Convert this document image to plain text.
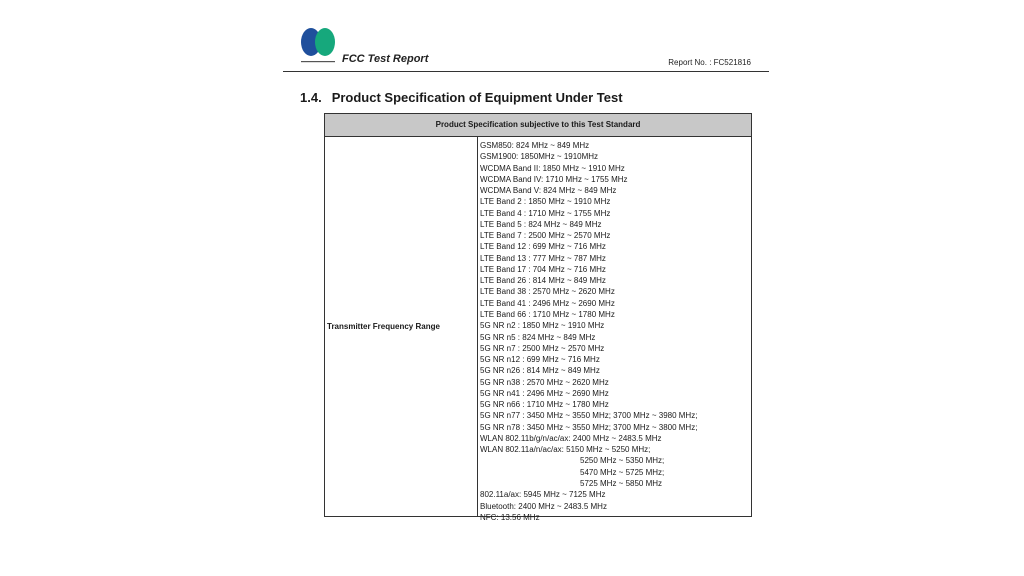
FCC Test Report	Report No. : FC521816
1.4. Product Specification of Equipment Under Test
Product Specification subjective to this Test Standard
Transmitter Frequency Range
GSM850: 824 MHz ~ 849 MHz
GSM1900: 1850MHz ~ 1910MHz
WCDMA Band II: 1850 MHz ~ 1910 MHz
WCDMA Band IV: 1710 MHz ~ 1755 MHz
WCDMA Band V: 824 MHz ~ 849 MHz
LTE Band 2 : 1850 MHz ~ 1910 MHz
LTE Band 4 : 1710 MHz ~ 1755 MHz
LTE Band 5 : 824 MHz ~ 849 MHz
LTE Band 7 : 2500 MHz ~ 2570 MHz
LTE Band 12 : 699 MHz ~ 716 MHz
LTE Band 13 : 777 MHz ~ 787 MHz
LTE Band 17 : 704 MHz ~ 716 MHz
LTE Band 26 : 814 MHz ~ 849 MHz
LTE Band 38 : 2570 MHz ~ 2620 MHz
LTE Band 41 : 2496 MHz ~ 2690 MHz
LTE Band 66 : 1710 MHz ~ 1780 MHz
5G NR n2 : 1850 MHz ~ 1910 MHz
5G NR n5 : 824 MHz ~ 849 MHz
5G NR n7 : 2500 MHz ~ 2570 MHz
5G NR n12 : 699 MHz ~ 716 MHz
5G NR n26 : 814 MHz ~ 849 MHz
5G NR n38 : 2570 MHz ~ 2620 MHz
5G NR n41 : 2496 MHz ~ 2690 MHz
5G NR n66 : 1710 MHz ~ 1780 MHz
5G NR n77 : 3450 MHz ~ 3550 MHz; 3700 MHz ~ 3980 MHz;
5G NR n78 : 3450 MHz ~ 3550 MHz; 3700 MHz ~ 3800 MHz;
WLAN 802.11b/g/n/ac/ax: 2400 MHz ~ 2483.5 MHz
WLAN 802.11a/n/ac/ax: 5150 MHz ~ 5250 MHz;
5250 MHz ~ 5350 MHz;
5470 MHz ~ 5725 MHz;
5725 MHz ~ 5850 MHz
802.11a/ax: 5945 MHz ~ 7125 MHz
Bluetooth: 2400 MHz ~ 2483.5 MHz
NFC: 13.56 MHz
